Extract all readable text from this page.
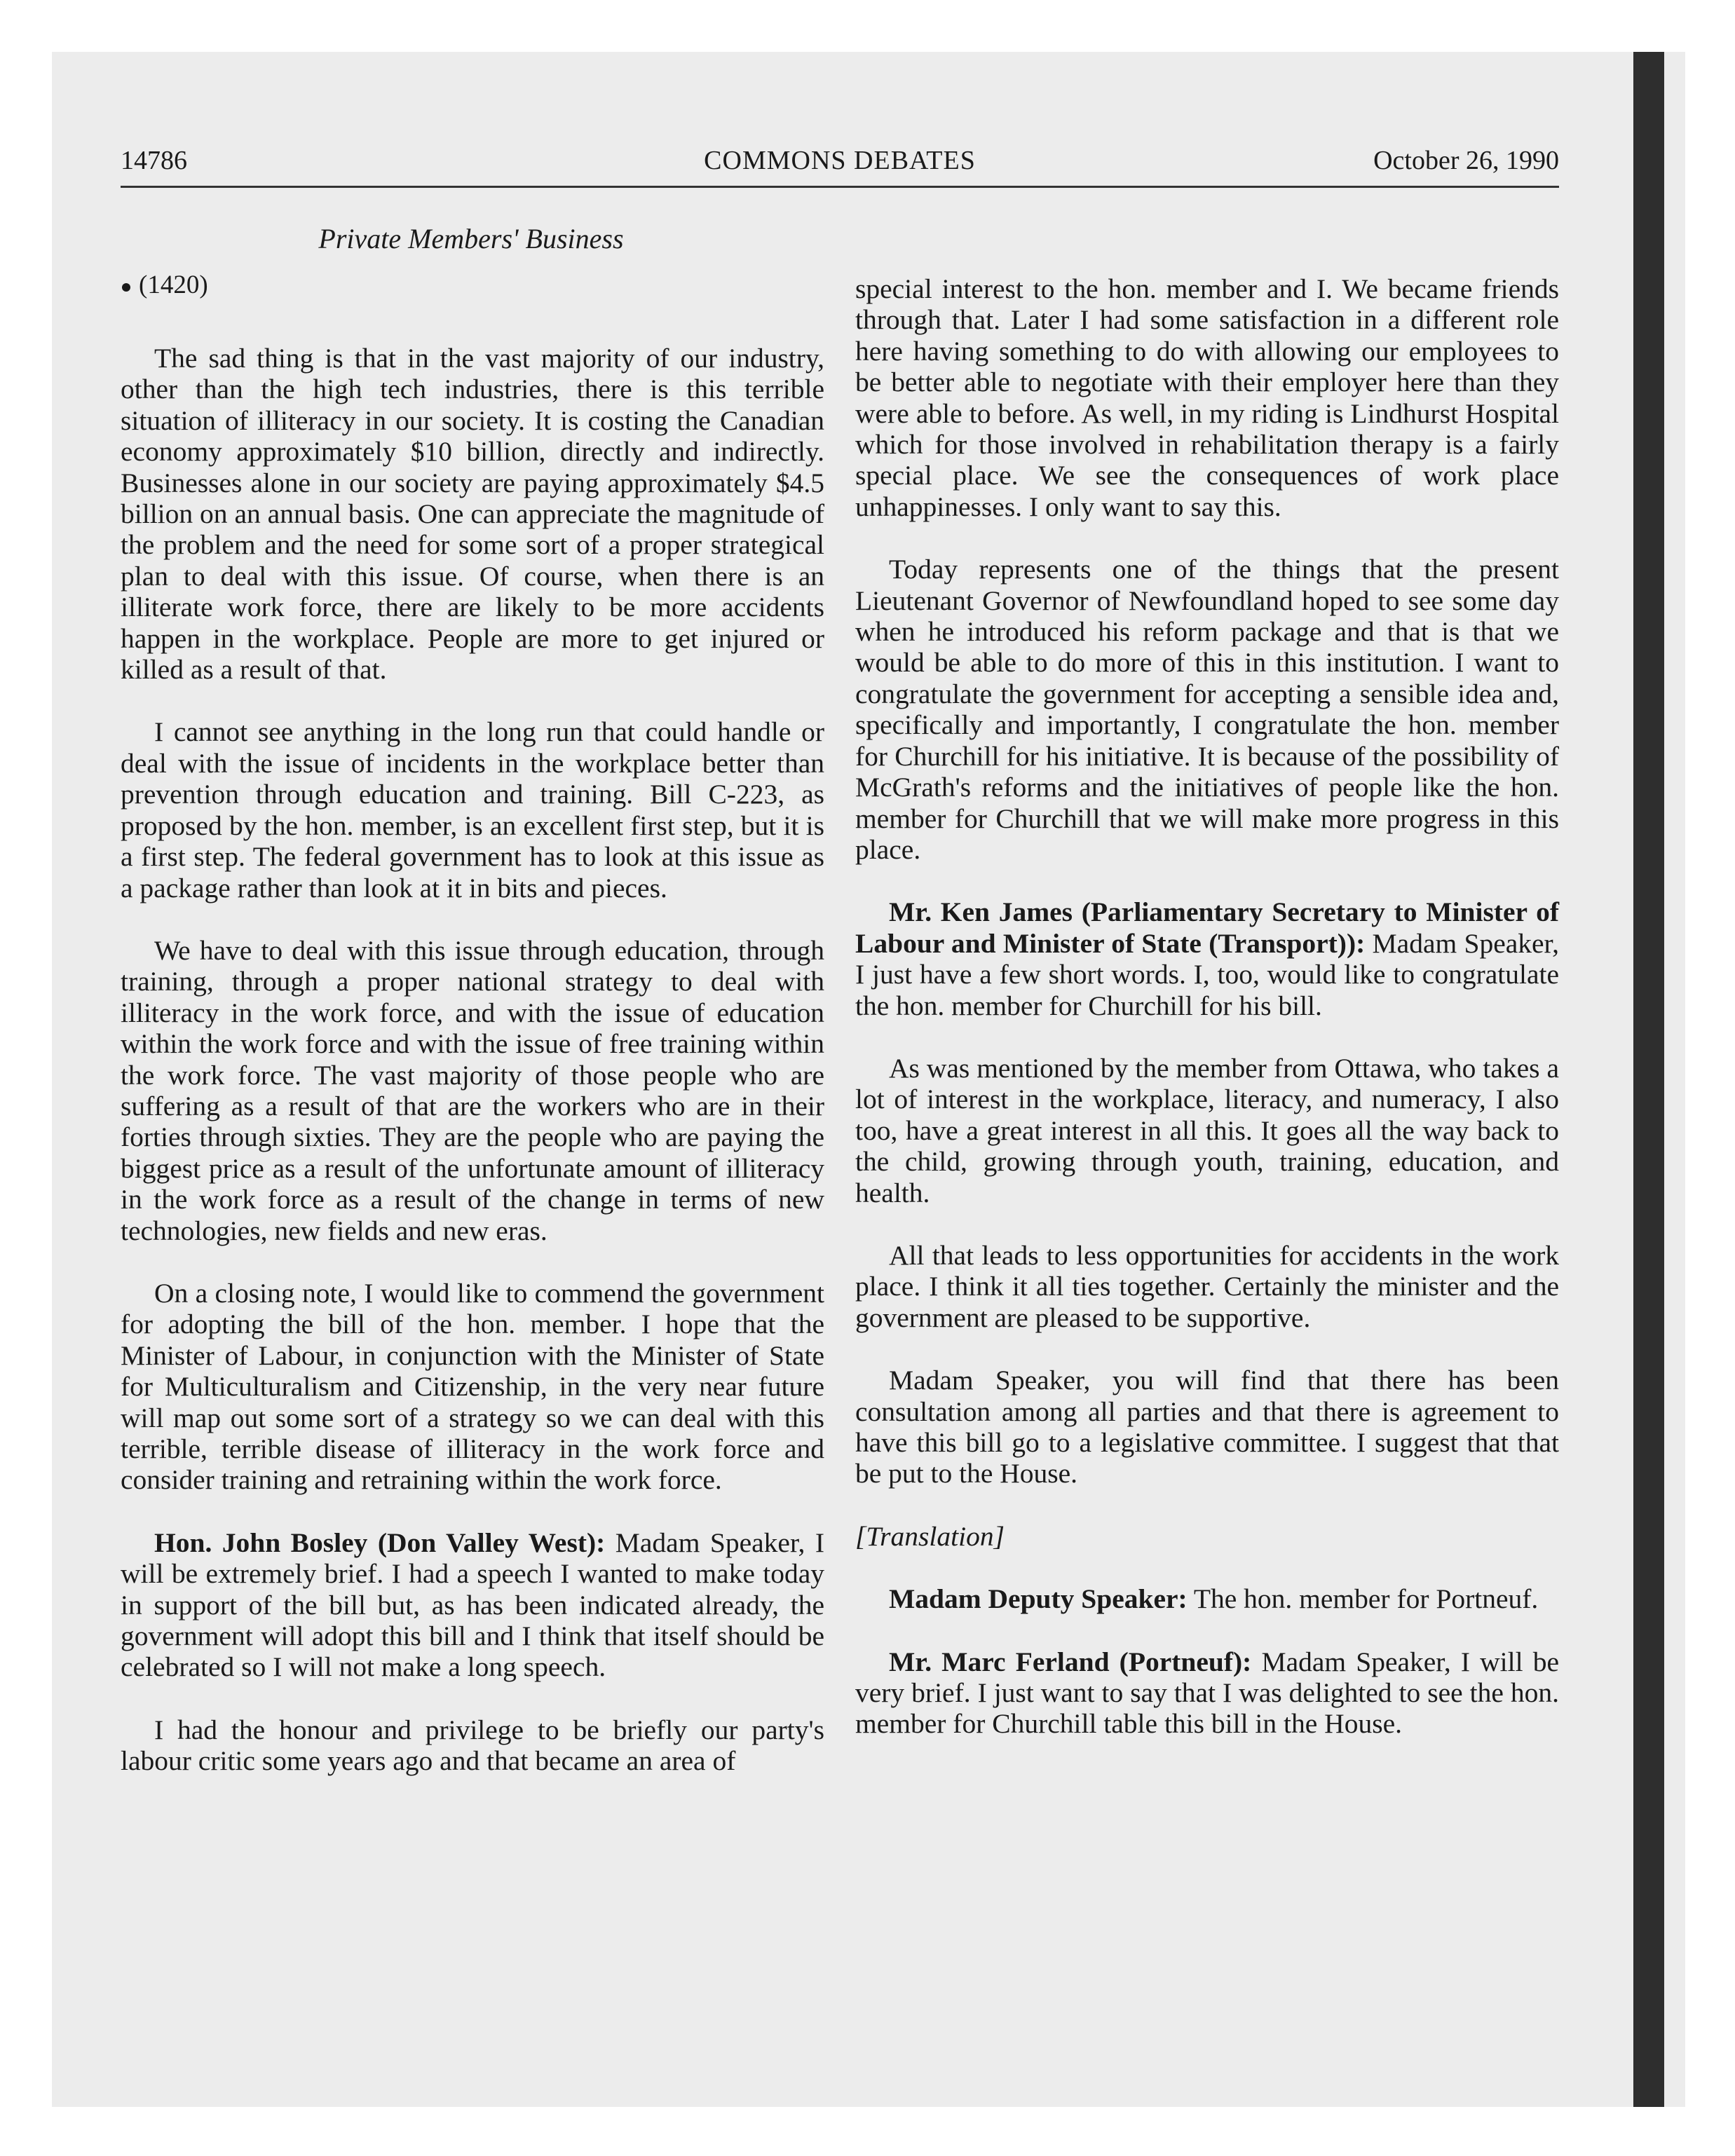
14786	COMMONS DEBATES	October 26, 1990
Private Members' Business
(1420)

The sad thing is that in the vast majority of our industry, other than the high tech industries, there is this terrible situation of illiteracy in our society. It is costing the Canadian economy approximately $10 billion, directly and indirectly. Businesses alone in our society are paying approximately $4.5 billion on an annual basis. One can appreciate the magnitude of the problem and the need for some sort of a proper strategical plan to deal with this issue. Of course, when there is an illiterate work force, there are likely to be more accidents happen in the workplace. People are more to get injured or killed as a result of that.

I cannot see anything in the long run that could handle or deal with the issue of incidents in the workplace better than prevention through education and training. Bill C-223, as proposed by the hon. member, is an excellent first step, but it is a first step. The federal government has to look at this issue as a package rather than look at it in bits and pieces.

We have to deal with this issue through education, through training, through a proper national strategy to deal with illiteracy in the work force, and with the issue of education within the work force and with the issue of free training within the work force. The vast majority of those people who are suffering as a result of that are the workers who are in their forties through sixties. They are the people who are paying the biggest price as a result of the unfortunate amount of illiteracy in the work force as a result of the change in terms of new technologies, new fields and new eras.

On a closing note, I would like to commend the government for adopting the bill of the hon. member. I hope that the Minister of Labour, in conjunction with the Minister of State for Multiculturalism and Citizenship, in the very near future will map out some sort of a strategy so we can deal with this terrible, terrible disease of illiteracy in the work force and consider training and retraining within the work force.

Hon. John Bosley (Don Valley West): Madam Speaker, I will be extremely brief. I had a speech I wanted to make today in support of the bill but, as has been indicated already, the government will adopt this bill and I think that itself should be celebrated so I will not make a long speech.

I had the honour and privilege to be briefly our party's labour critic some years ago and that became an area of

special interest to the hon. member and I. We became friends through that. Later I had some satisfaction in a different role here having something to do with allowing our employees to be better able to negotiate with their employer here than they were able to before. As well, in my riding is Lindhurst Hospital which for those involved in rehabilitation therapy is a fairly special place. We see the consequences of work place unhappinesses. I only want to say this.

Today represents one of the things that the present Lieutenant Governor of Newfoundland hoped to see some day when he introduced his reform package and that is that we would be able to do more of this in this institution. I want to congratulate the government for accepting a sensible idea and, specifically and importantly, I congratulate the hon. member for Churchill for his initiative. It is because of the possibility of McGrath's reforms and the initiatives of people like the hon. member for Churchill that we will make more progress in this place.

Mr. Ken James (Parliamentary Secretary to Minister of Labour and Minister of State (Transport)): Madam Speaker, I just have a few short words. I, too, would like to congratulate the hon. member for Churchill for his bill.

As was mentioned by the member from Ottawa, who takes a lot of interest in the workplace, literacy, and numeracy, I also too, have a great interest in all this. It goes all the way back to the child, growing through youth, training, education, and health.

All that leads to less opportunities for accidents in the work place. I think it all ties together. Certainly the minister and the government are pleased to be supportive.

Madam Speaker, you will find that there has been consultation among all parties and that there is agreement to have this bill go to a legislative committee. I suggest that that be put to the House.

[Translation]

Madam Deputy Speaker: The hon. member for Portneuf.

Mr. Marc Ferland (Portneuf): Madam Speaker, I will be very brief. I just want to say that I was delighted to see the hon. member for Churchill table this bill in the House.
